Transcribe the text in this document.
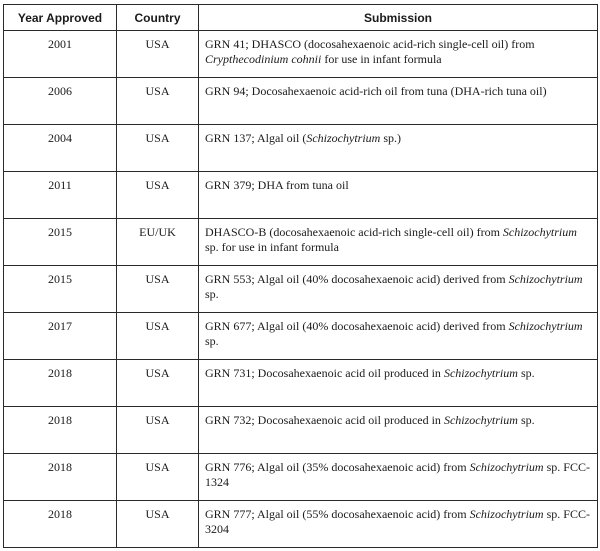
Year Approved	Country	Submission
2001	USA	GRN 41; DHASCO (docosahexaenoic acid-rich single-cell oil) from Crypthecodinium cohnii for use in infant formula
2006	USA	GRN 94; Docosahexaenoic acid-rich oil from tuna (DHA-rich tuna oil)
2004	USA	GRN 137; Algal oil (Schizochytrium sp.)
2011	USA	GRN 379; DHA from tuna oil
2015	EU/UK	DHASCO-B (docosahexaenoic acid-rich single-cell oil) from Schizochytrium sp. for use in infant formula
2015	USA	GRN 553; Algal oil (40% docosahexaenoic acid) derived from Schizochytrium sp.
2017	USA	GRN 677; Algal oil (40% docosahexaenoic acid) derived from Schizochytrium sp.
2018	USA	GRN 731; Docosahexaenoic acid oil produced in Schizochytrium sp.
2018	USA	GRN 732; Docosahexaenoic acid oil produced in Schizochytrium sp.
2018	USA	GRN 776; Algal oil (35% docosahexaenoic acid) from Schizochytrium sp. FCC-1324
2018	USA	GRN 777; Algal oil (55% docosahexaenoic acid) from Schizochytrium sp. FCC-3204
